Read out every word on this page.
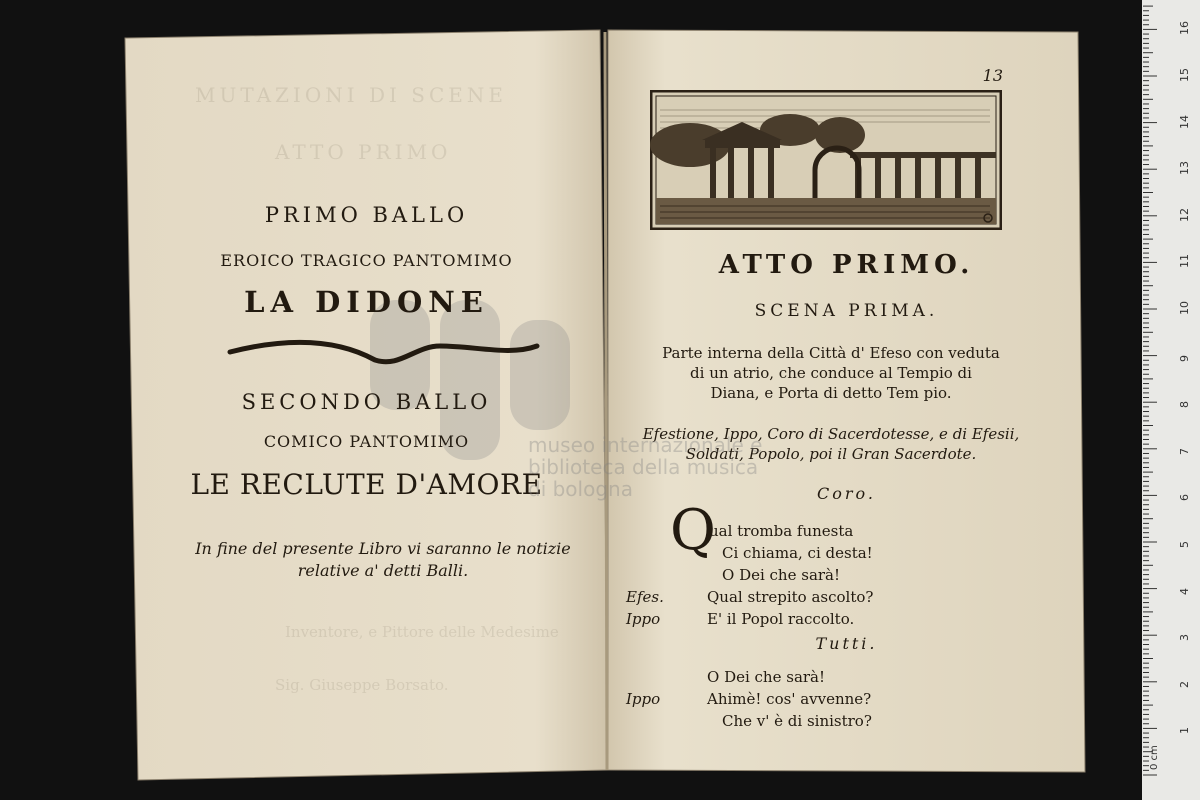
MUTAZIONI DI SCENE
ATTO PRIMO
Inventore, e Pittore delle Medesime
Sig. Giuseppe Borsato.
PRIMO BALLO
EROICO TRAGICO PANTOMIMO
LA DIDONE
SECONDO BALLO
COMICO PANTOMIMO
LE RECLUTE D'AMORE
In fine del presente Libro vi saranno le notizie
relative a' detti Balli.
13
ATTO PRIMO.
SCENA PRIMA.
Parte interna della Città d' Efeso con veduta
di un atrio, che conduce al Tempio di
Diana, e Porta di detto Tem pio.
Efestione, Ippo, Coro di Sacerdotesse, e di Efesii,
Soldati, Popolo, poi il Gran Sacerdote.
Coro.
Q
ual tromba funesta
Ci chiama, ci desta!
O Dei che sarà!
Efes.	Qual strepito ascolto?
Ippo	E' il Popol raccolto.
Tutti.
O Dei che sarà!
Ippo	Ahimè! cos' avvenne?
Che v' è di sinistro?
museo internazionale e
biblioteca della musica
di bologna
0 cm
1
2
3
4
5
6
7
8
9
10
11
12
13
14
15
16
